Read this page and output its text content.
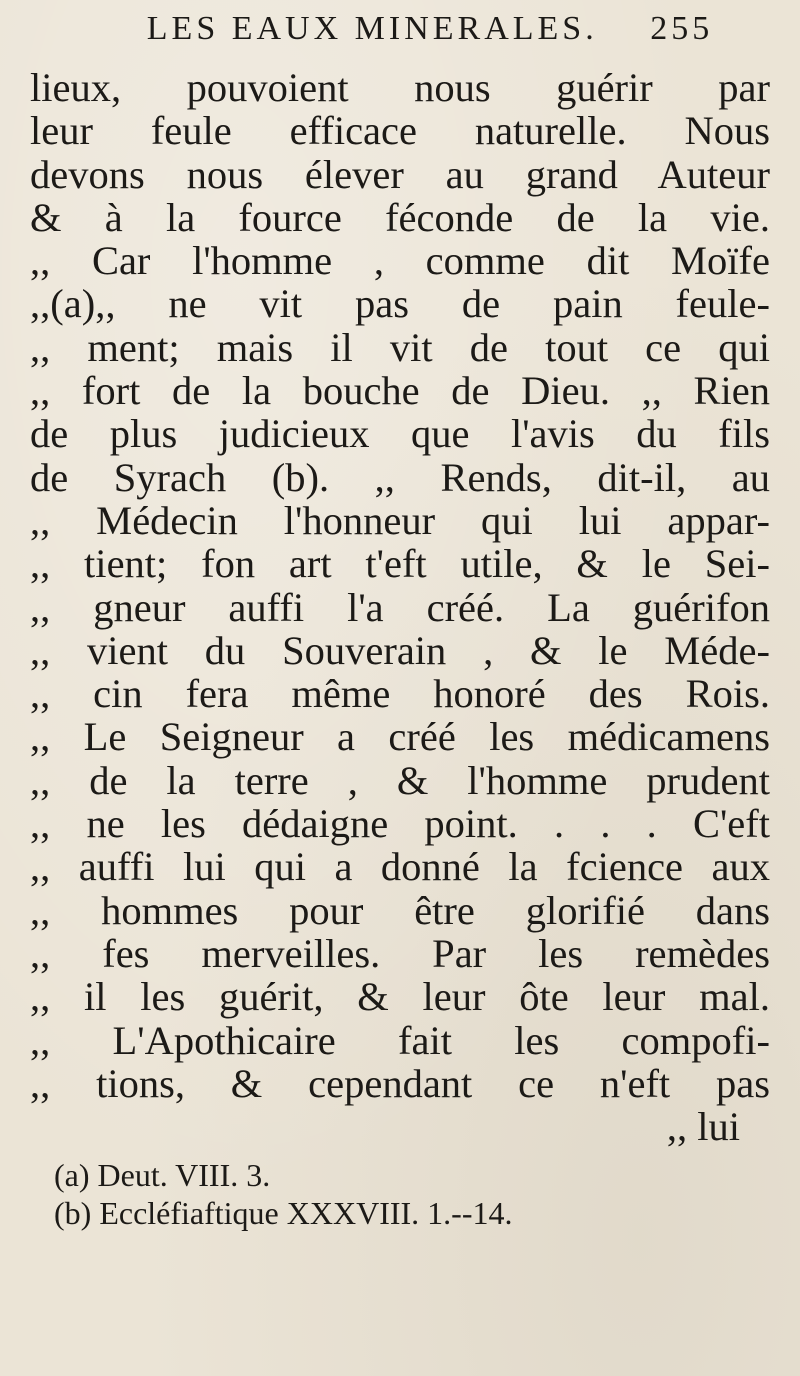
LES EAUX MINERALES. 255
lieux, pouvoient nous guérir par
leur feule efficace naturelle. Nous
devons nous élever au grand Auteur
& à la fource féconde de la vie.
,, Car l'homme , comme dit Moïfe
,,(a),, ne vit pas de pain feule-
,, ment; mais il vit de tout ce qui
,, fort de la bouche de Dieu. ,, Rien
de plus judicieux que l'avis du fils
de Syrach (b). ,, Rends, dit-il, au
,, Médecin l'honneur qui lui appar-
,, tient; fon art t'eft utile, & le Sei-
,, gneur auffi l'a créé. La guérifon
,, vient du Souverain , & le Méde-
,, cin fera même honoré des Rois.
,, Le Seigneur a créé les médicamens
,, de la terre , & l'homme prudent
,, ne les dédaigne point. . . . C'eft
,, auffi lui qui a donné la fcience aux
,, hommes pour être glorifié dans
,, fes merveilles. Par les remèdes
,, il les guérit, & leur ôte leur mal.
,, L'Apothicaire fait les compofi-
,, tions, & cependant ce n'eft pas
,, lui
(a) Deut. VIII. 3.
(b) Eccléfiaftique XXXVIII. 1.--14.
